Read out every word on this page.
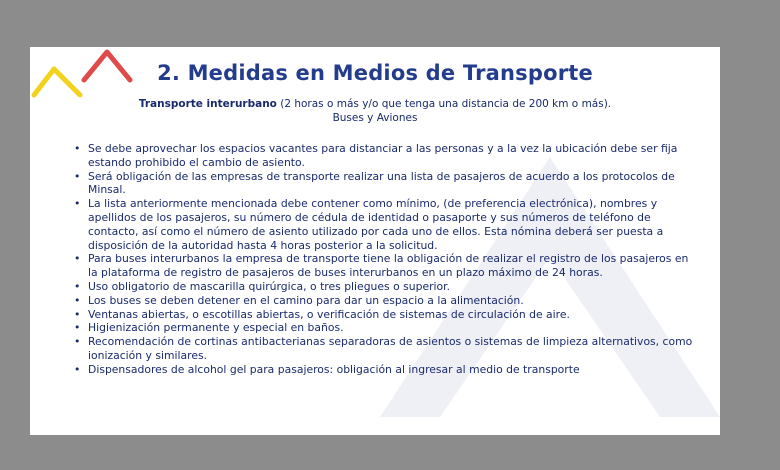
2. Medidas en Medios de Transporte
Transporte interurbano (2 horas o más y/o que tenga una distancia de 200 km o más).
Buses y Aviones
• Se debe aprovechar los espacios vacantes para distanciar a las personas y a la vez la ubicación debe ser fija estando prohibido el cambio de asiento.
• Será obligación de las empresas de transporte realizar una lista de pasajeros de acuerdo a los protocolos de Minsal.
• La lista anteriormente mencionada debe contener como mínimo, (de preferencia electrónica), nombres y apellidos de los pasajeros, su número de cédula de identidad o pasaporte y sus números de teléfono de contacto, así como el número de asiento utilizado por cada uno de ellos. Esta nómina deberá ser puesta a disposición de la autoridad hasta 4 horas posterior a la solicitud.
• Para buses interurbanos la empresa de transporte tiene la obligación de realizar el registro de los pasajeros en la plataforma de registro de pasajeros de buses interurbanos en un plazo máximo de 24 horas.
• Uso obligatorio de mascarilla quirúrgica, o tres pliegues o superior.
• Los buses se deben detener en el camino para dar un espacio a la alimentación.
• Ventanas abiertas, o escotillas abiertas, o verificación de sistemas de circulación de aire.
• Higienización permanente y especial en baños.
• Recomendación de cortinas antibacterianas separadoras de asientos o sistemas de limpieza alternativos, como ionización y similares.
• Dispensadores de alcohol gel para pasajeros: obligación al ingresar al medio de transporte
